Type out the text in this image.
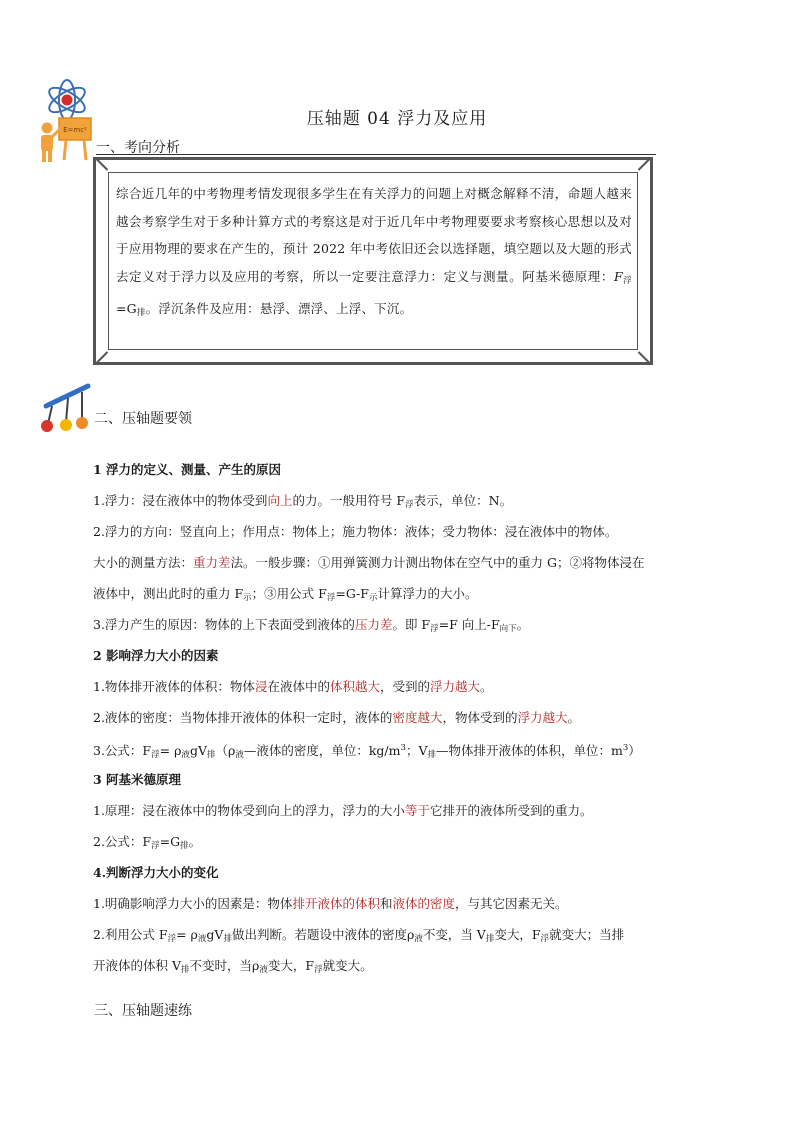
E=mc²
压轴题 04 浮力及应用
一、考向分析
综合近几年的中考物理考情发现很多学生在有关浮力的问题上对概念解释不清，命题人越来越会考察学生对于多种计算方式的考察这是对于近几年中考物理要要求考察核心思想以及对于应用物理的要求在产生的，预计 2022 年中考依旧还会以选择题，填空题以及大题的形式去定义对于浮力以及应用的考察，所以一定要注意浮力：定义与测量。阿基米德原理：$F_浮=G_排$。浮沉条件及应用：悬浮、漂浮、上浮、下沉。
二、压轴题要领
1 浮力的定义、测量、产生的原因
1.浮力：浸在液体中的物体受到向上的力。一般用符号 $F_浮$表示，单位：N。
2.浮力的方向：竖直向上；作用点：物体上；施力物体：液体；受力物体：浸在液体中的物体。
大小的测量方法：重力差法。一般步骤：①用弹簧测力计测出物体在空气中的重力 G；②将物体浸在
液体中，测出此时的重力 $F_示$；③用公式 $F_浮=G-F_示$计算浮力的大小。
3.浮力产生的原因：物体的上下表面受到液体的压力差。即 $F_浮=F$ 向上$-F_{向下}$。
2 影响浮力大小的因素
1.物体排开液体的体积：物体浸在液体中的体积越大，受到的浮力越大。
2.液体的密度：当物体排开液体的体积一定时，液体的密度越大，物体受到的浮力越大。
3.公式：$F_浮=$ $\rho_液gV_排(\rho_液—$液体的密度，单位：$kg/m^3$；$V_排—$物体排开液体的体积，单位：$m^3$）
3 阿基米德原理
1.原理：浸在液体中的物体受到向上的浮力，浮力的大小等于它排开的液体所受到的重力。
2.公式：$F_浮=G_排$。
4.判断浮力大小的变化
1.明确影响浮力大小的因素是：物体排开液体的体积和液体的密度，与其它因素无关。
2.利用公式 $F_浮= \rho_液gV_排$做出判断。若题设中液体的密度$\rho_液$不变，当 $V_排$变大，$F_浮$就变大；当排
开液体的体积 $V_排$不变时，当$\rho_液$变大，$F_浮$就变大。
三、压轴题速练
